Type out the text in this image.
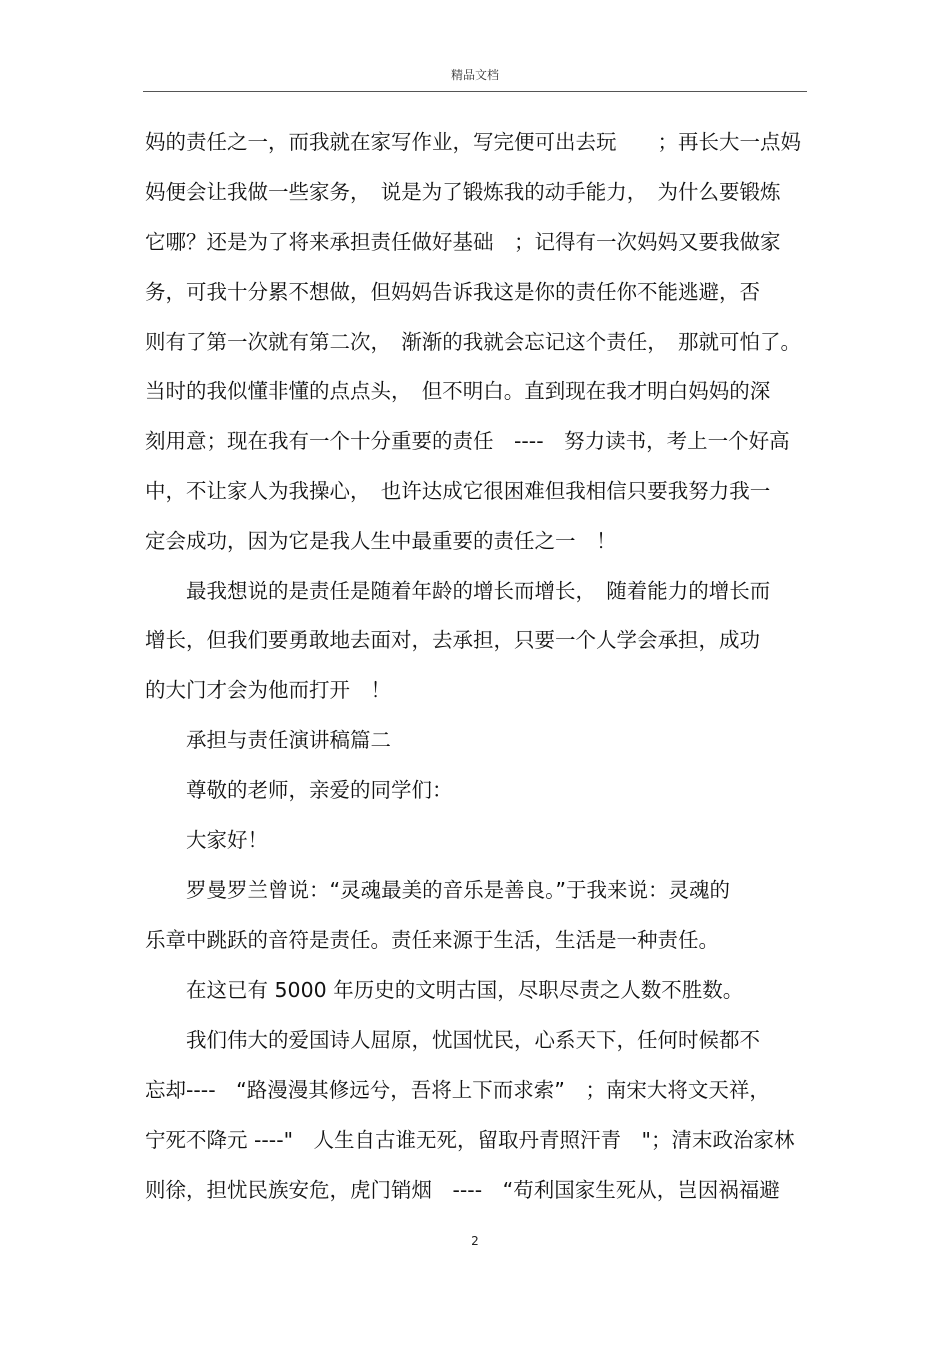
精品文档
妈的责任之一，而我就在家写作业，写完便可出去玩　　；再长大一点妈
妈便会让我做一些家务，　说是为了锻炼我的动手能力，　为什么要锻炼
它哪？还是为了将来承担责任做好基础　；记得有一次妈妈又要我做家
务，可我十分累不想做，但妈妈告诉我这是你的责任你不能逃避，否
则有了第一次就有第二次，　渐渐的我就会忘记这个责任，　那就可怕了。
当时的我似懂非懂的点点头，　但不明白。直到现在我才明白妈妈的深
刻用意；现在我有一个十分重要的责任　----　努力读书，考上一个好高
中，不让家人为我操心，　也许达成它很困难但我相信只要我努力我一
定会成功，因为它是我人生中最重要的责任之一　！
　　最我想说的是责任是随着年龄的增长而增长，　随着能力的增长而
增长，但我们要勇敢地去面对，去承担，只要一个人学会承担，成功
的大门才会为他而打开　！
　　承担与责任演讲稿篇二
　　尊敬的老师，亲爱的同学们：
　　大家好！
　　罗曼罗兰曾说：“灵魂最美的音乐是善良。”于我来说：灵魂的
乐章中跳跃的音符是责任。责任来源于生活，生活是一种责任。
　　在这已有 5000 年历史的文明古国，尽职尽责之人数不胜数。
　　我们伟大的爱国诗人屈原，忧国忧民，心系天下，任何时候都不
忘却----　“路漫漫其修远兮，吾将上下而求索”　；南宋大将文天祥，
宁死不降元 ----"　人生自古谁无死，留取丹青照汗青　"；清末政治家林
则徐，担忧民族安危，虎门销烟　----　“苟利国家生死从，岂因祸福避
2
